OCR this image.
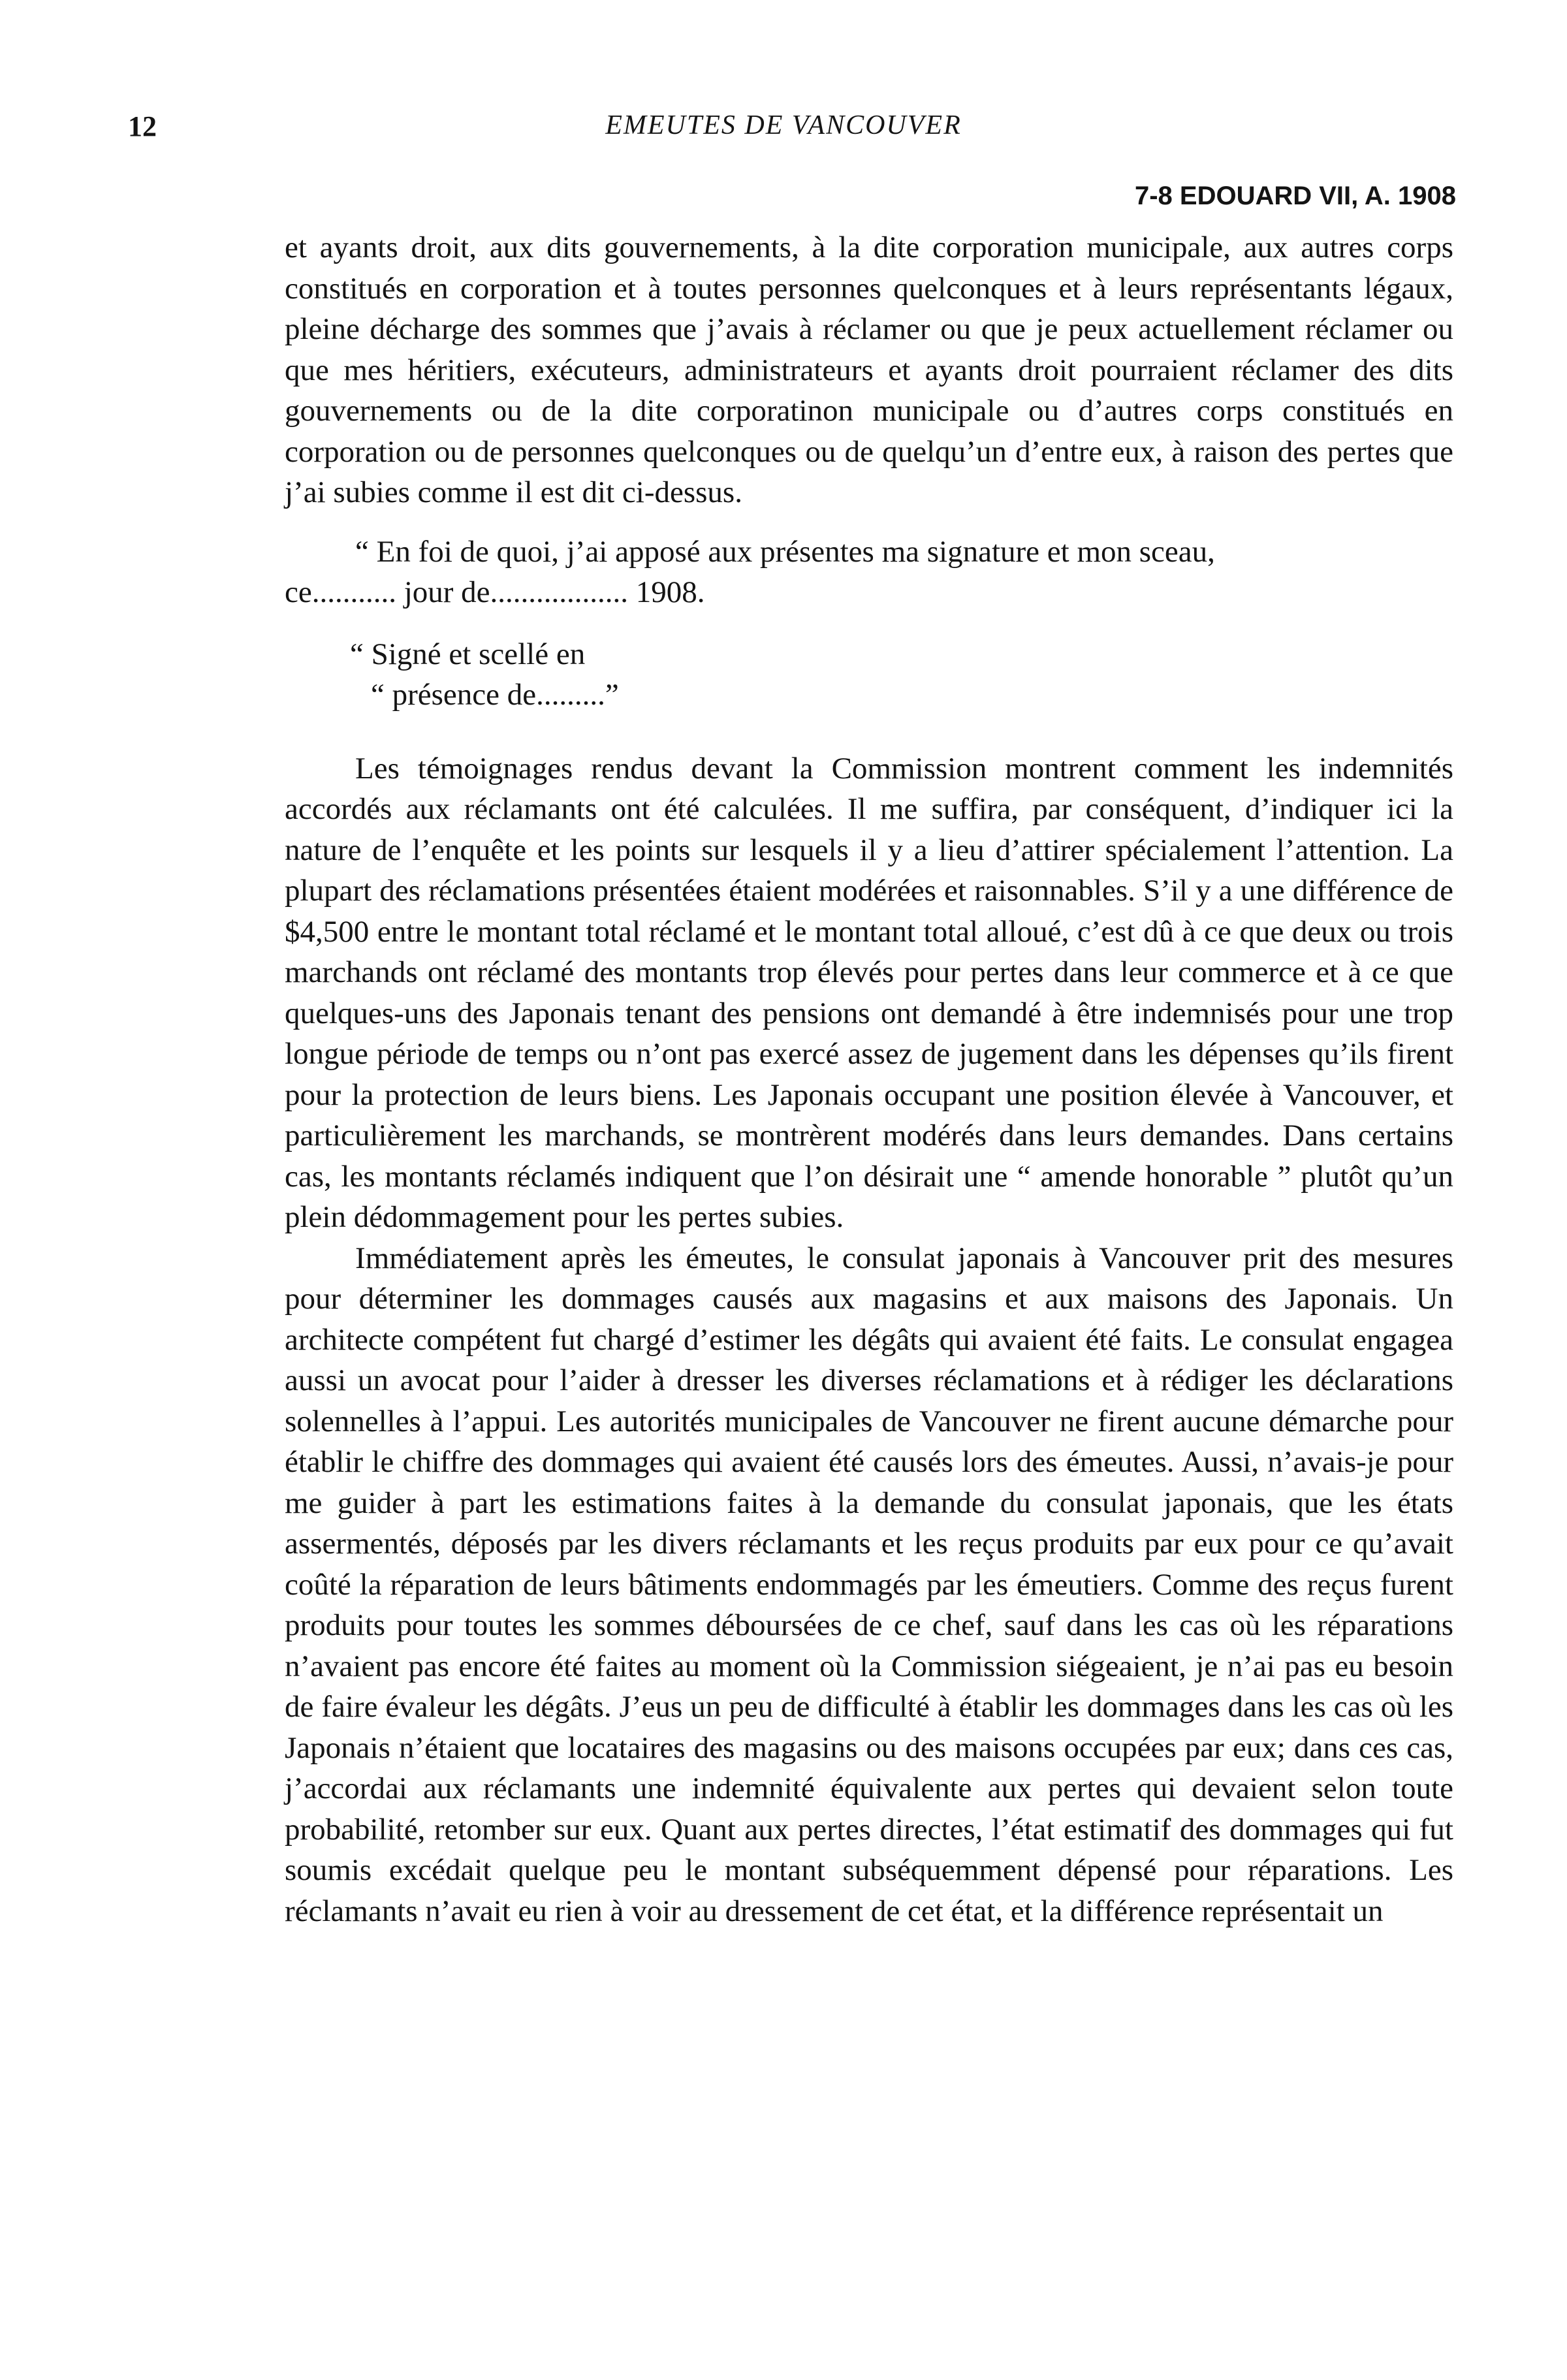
12	EMEUTES DE VANCOUVER
7-8 EDOUARD VII, A. 1908

et ayants droit, aux dits gouvernements, à la dite corporation municipale, aux autres corps constitués en corporation et à toutes personnes quelconques et à leurs représentants légaux, pleine décharge des sommes que j’avais à réclamer ou que je peux actuellement réclamer ou que mes héritiers, exécuteurs, administrateurs et ayants droit pourraient réclamer des dits gouvernements ou de la dite corporatinon municipale ou d’autres corps constitués en corporation ou de personnes quelconques ou de quelqu’un d’entre eux, à raison des pertes que j’ai subies comme il est dit ci-dessus.

“ En foi de quoi, j’ai apposé aux présentes ma signature et mon sceau,
ce........... jour de.................. 1908.

“ Signé et scellé en
“ présence de.........”

Les témoignages rendus devant la Commission montrent comment les indemnités accordés aux réclamants ont été calculées. Il me suffira, par conséquent, d’indiquer ici la nature de l’enquête et les points sur lesquels il y a lieu d’attirer spécialement l’attention. La plupart des réclamations présentées étaient modérées et raisonnables. S’il y a une différence de $4,500 entre le montant total réclamé et le montant total alloué, c’est dû à ce que deux ou trois marchands ont réclamé des montants trop élevés pour pertes dans leur commerce et à ce que quelques-uns des Japonais tenant des pensions ont demandé à être indemnisés pour une trop longue période de temps ou n’ont pas exercé assez de jugement dans les dépenses qu’ils firent pour la protection de leurs biens. Les Japonais occupant une position élevée à Vancouver, et particulièrement les marchands, se montrèrent modérés dans leurs demandes. Dans certains cas, les montants réclamés indiquent que l’on désirait une “ amende honorable ” plutôt qu’un plein dédommagement pour les pertes subies.

Immédiatement après les émeutes, le consulat japonais à Vancouver prit des mesures pour déterminer les dommages causés aux magasins et aux maisons des Japonais. Un architecte compétent fut chargé d’estimer les dégâts qui avaient été faits. Le consulat engagea aussi un avocat pour l’aider à dresser les diverses réclamations et à rédiger les déclarations solennelles à l’appui. Les autorités municipales de Vancouver ne firent aucune démarche pour établir le chiffre des dommages qui avaient été causés lors des émeutes. Aussi, n’avais-je pour me guider à part les estimations faites à la demande du consulat japonais, que les états assermentés, déposés par les divers réclamants et les reçus produits par eux pour ce qu’avait coûté la réparation de leurs bâtiments endommagés par les émeutiers. Comme des reçus furent produits pour toutes les sommes déboursées de ce chef, sauf dans les cas où les réparations n’avaient pas encore été faites au moment où la Commission siégeaient, je n’ai pas eu besoin de faire évaleur les dégâts. J’eus un peu de difficulté à établir les dommages dans les cas où les Japonais n’étaient que locataires des magasins ou des maisons occupées par eux; dans ces cas, j’accordai aux réclamants une indemnité équivalente aux pertes qui devaient selon toute probabilité, retomber sur eux. Quant aux pertes directes, l’état estimatif des dommages qui fut soumis excédait quelque peu le montant subséquemment dépensé pour réparations. Les réclamants n’avait eu rien à voir au dressement de cet état, et la différence représentait un
